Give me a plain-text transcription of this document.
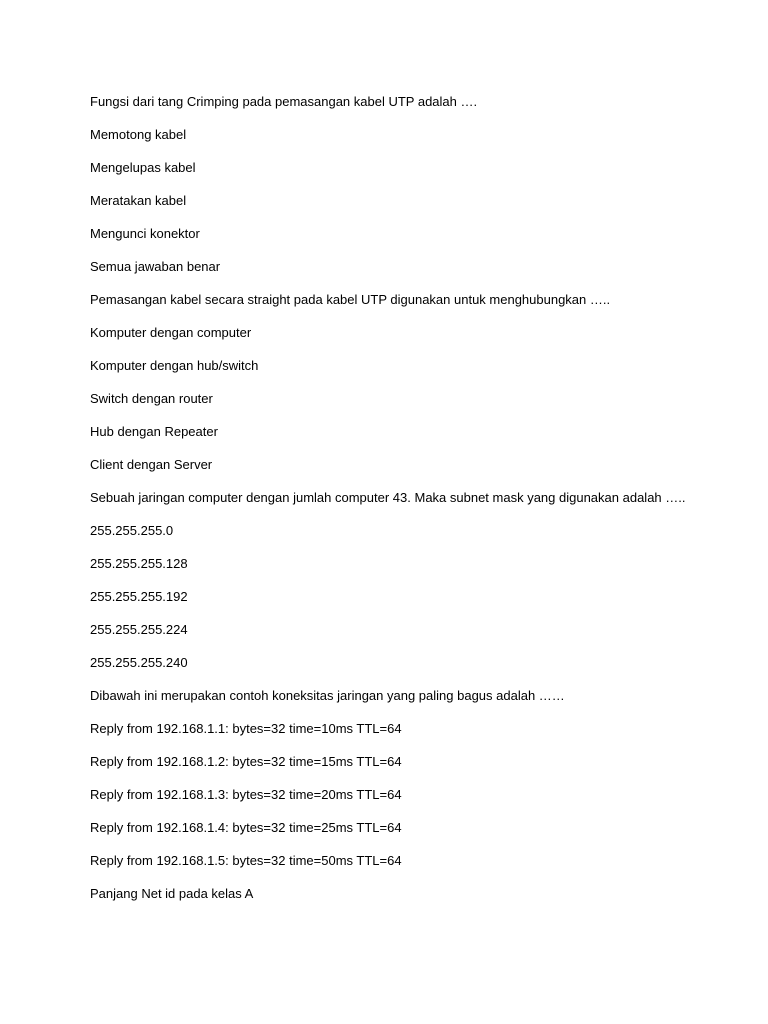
Fungsi dari tang Crimping pada pemasangan kabel UTP adalah ….
Memotong kabel
Mengelupas kabel
Meratakan kabel
Mengunci konektor
Semua jawaban benar
Pemasangan kabel secara straight pada kabel UTP digunakan untuk menghubungkan …..
Komputer dengan computer
Komputer dengan hub/switch
Switch dengan router
Hub dengan Repeater
Client dengan Server
Sebuah jaringan computer dengan jumlah computer 43. Maka subnet mask yang digunakan adalah …..
255.255.255.0
255.255.255.128
255.255.255.192
255.255.255.224
255.255.255.240
Dibawah ini merupakan contoh koneksitas jaringan yang paling bagus adalah ……
Reply from 192.168.1.1: bytes=32 time=10ms TTL=64
Reply from 192.168.1.2: bytes=32 time=15ms TTL=64
Reply from 192.168.1.3: bytes=32 time=20ms TTL=64
Reply from 192.168.1.4: bytes=32 time=25ms TTL=64
Reply from 192.168.1.5: bytes=32 time=50ms TTL=64
Panjang Net id pada kelas A
